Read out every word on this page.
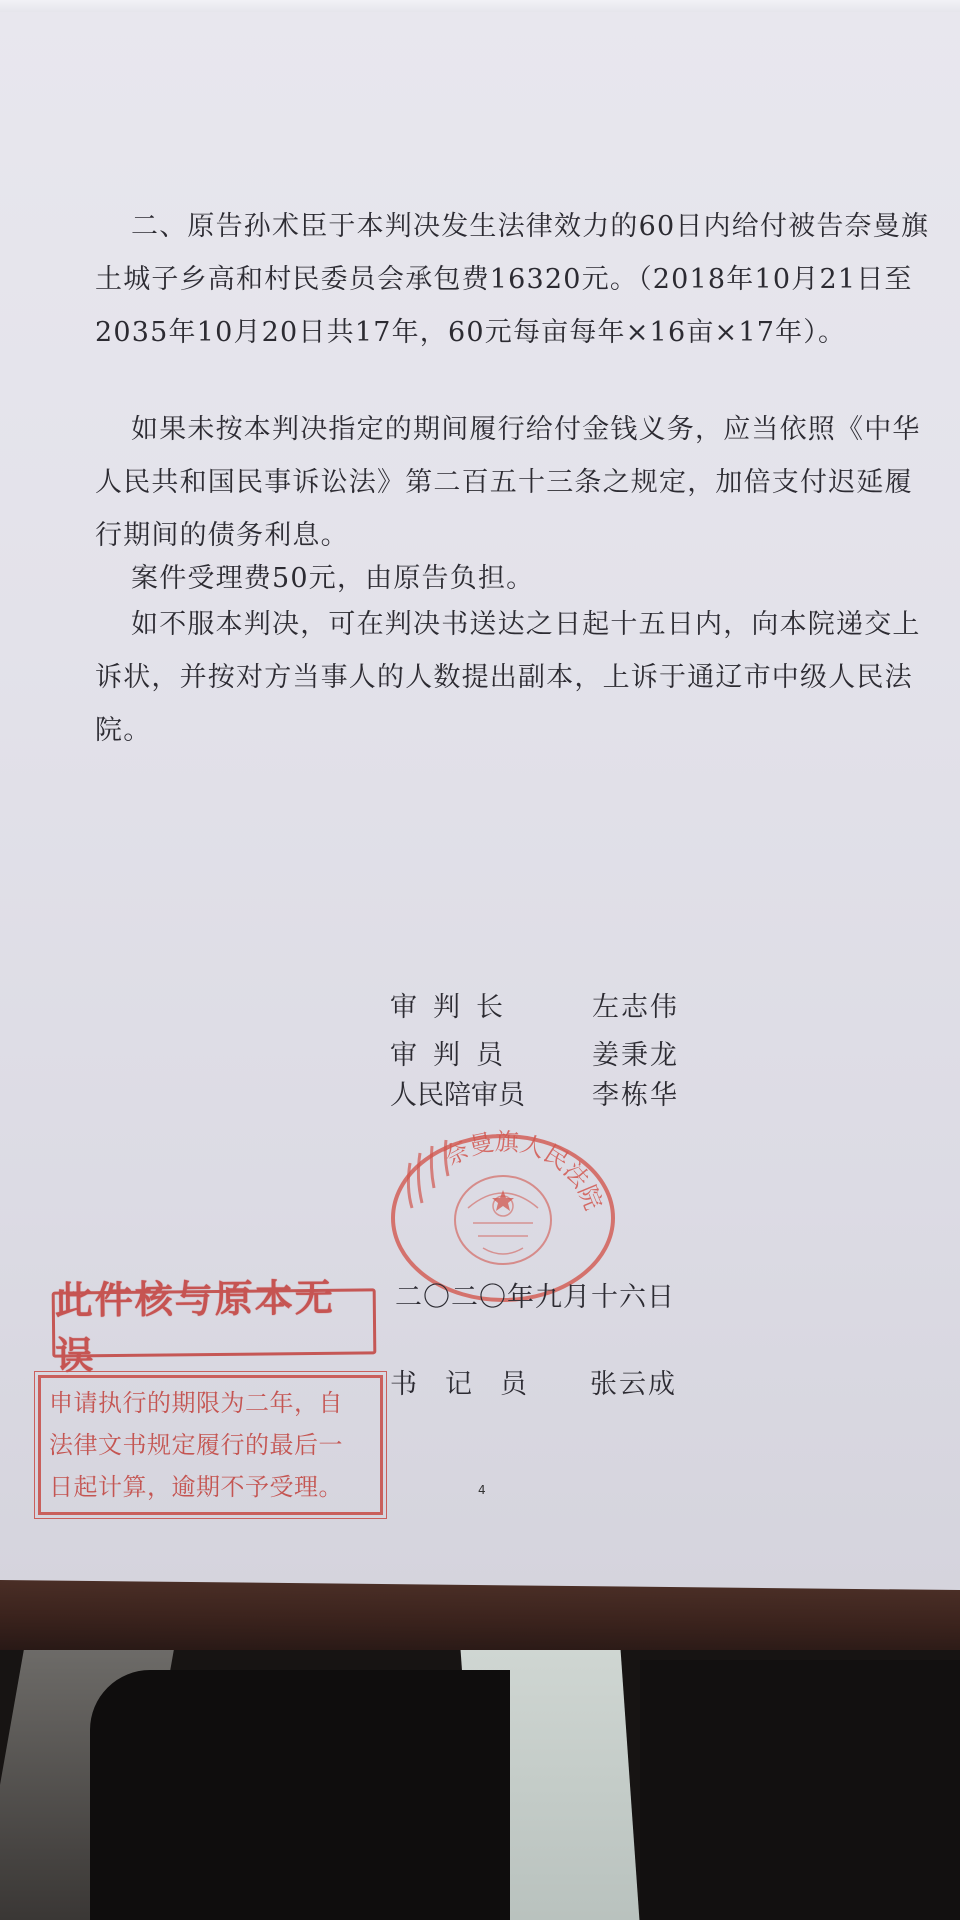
二、原告孙术臣于本判决发生法律效力的60日内给付被告奈曼旗土城子乡高和村民委员会承包费16320元。（2018年10月21日至2035年10月20日共17年，60元每亩每年×16亩×17年）。

如果未按本判决指定的期间履行给付金钱义务，应当依照《中华人民共和国民事诉讼法》第二百五十三条之规定，加倍支付迟延履行期间的债务利息。

案件受理费50元，由原告负担。

如不服本判决，可在判决书送达之日起十五日内，向本院递交上诉状，并按对方当事人的人数提出副本，上诉于通辽市中级人民法院。

审判长	左志伟
审判员	姜秉龙
人民陪审员 李栋华
奈曼旗人民法院
二〇二〇年九月十六日
书记员 张云成
4
此件核与原本无误
申请执行的期限为二年，自
法律文书规定履行的最后一
日起计算，逾期不予受理。
